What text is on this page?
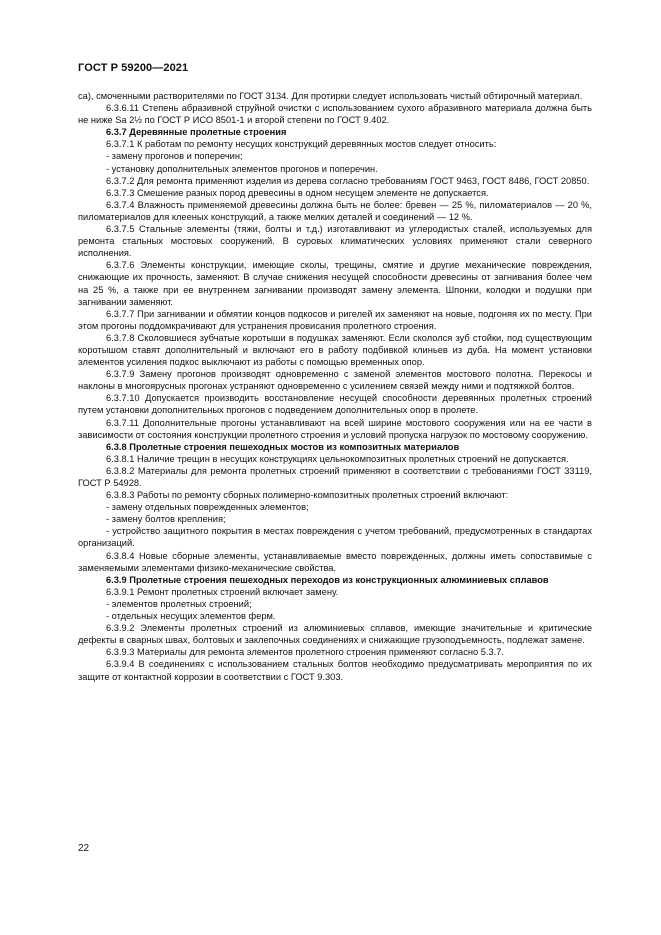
ГОСТ Р 59200—2021

са), смоченными растворителями по ГОСТ 3134. Для протирки следует использовать чистый обтирочный материал.

6.3.6.11 Степень абразивной струйной очистки с использованием сухого абразивного материала должна быть не ниже Sa 2½ по ГОСТ Р ИСО 8501-1 и второй степени по ГОСТ 9.402.

6.3.7 Деревянные пролетные строения

6.3.7.1 К работам по ремонту несущих конструкций деревянных мостов следует относить:

- замену прогонов и поперечин;

- установку дополнительных элементов прогонов и поперечин.

6.3.7.2 Для ремонта применяют изделия из дерева согласно требованиям ГОСТ 9463, ГОСТ 8486, ГОСТ 20850.

6.3.7.3 Смешение разных пород древесины в одном несущем элементе не допускается.

6.3.7.4 Влажность применяемой древесины должна быть не более: бревен — 25 %, пиломатериалов — 20 %, пиломатериалов для клееных конструкций, а также мелких деталей и соединений — 12 %.

6.3.7.5 Стальные элементы (тяжи, болты и т.д.) изготавливают из углеродистых сталей, используемых для ремонта стальных мостовых сооружений. В суровых климатических условиях применяют стали северного исполнения.

6.3.7.6 Элементы конструкции, имеющие сколы, трещины, смятие и другие механические повреждения, снижающие их прочность, заменяют. В случае снижения несущей способности древесины от загнивания более чем на 25 %, а также при ее внутреннем загнивании производят замену элемента. Шпонки, колодки и подушки при загнивании заменяют.

6.3.7.7 При загнивании и обмятии концов подкосов и ригелей их заменяют на новые, подгоняя их по месту. При этом прогоны поддомкрачивают для устранения провисания пролетного строения.

6.3.7.8 Сколовшиеся зубчатые коротыши в подушках заменяют. Если скололся зуб стойки, под существующим коротышом ставят дополнительный и включают его в работу подбивкой клиньев из дуба. На момент установки элементов усиления подкос выключают из работы с помощью временных опор.

6.3.7.9 Замену прогонов производят одновременно с заменой элементов мостового полотна. Перекосы и наклоны в многоярусных прогонах устраняют одновременно с усилением связей между ними и подтяжкой болтов.

6.3.7.10 Допускается производить восстановление несущей способности деревянных пролетных строений путем установки дополнительных прогонов с подведением дополнительных опор в пролете.

6.3.7.11 Дополнительные прогоны устанавливают на всей ширине мостового сооружения или на ее части в зависимости от состояния конструкции пролетного строения и условий пропуска нагрузок по мостовому сооружению.

6.3.8 Пролетные строения пешеходных мостов из композитных материалов

6.3.8.1 Наличие трещин в несущих конструкциях цельнокомпозитных пролетных строений не допускается.

6.3.8.2 Материалы для ремонта пролетных строений применяют в соответствии с требованиями ГОСТ 33119, ГОСТ Р 54928.

6.3.8.3 Работы по ремонту сборных полимерно-композитных пролетных строений включают:

- замену отдельных поврежденных элементов;

- замену болтов крепления;

- устройство защитного покрытия в местах повреждения с учетом требований, предусмотренных в стандартах организаций.

6.3.8.4 Новые сборные элементы, устанавливаемые вместо поврежденных, должны иметь сопоставимые с заменяемыми элементами физико-механические свойства.

6.3.9 Пролетные строения пешеходных переходов из конструкционных алюминиевых сплавов

6.3.9.1 Ремонт пролетных строений включает замену.

- элементов пролетных строений;

- отдельных несущих элементов ферм.

6.3.9.2 Элементы пролетных строений из алюминиевых сплавов, имеющие значительные и критические дефекты в сварных швах, болтовых и заклепочных соединениях и снижающие грузоподъемность, подлежат замене.

6.3.9.3 Материалы для ремонта элементов пролетного строения применяют согласно 5.3.7.

6.3.9.4 В соединениях с использованием стальных болтов необходимо предусматривать мероприятия по их защите от контактной коррозии в соответствии с ГОСТ 9.303.

22
